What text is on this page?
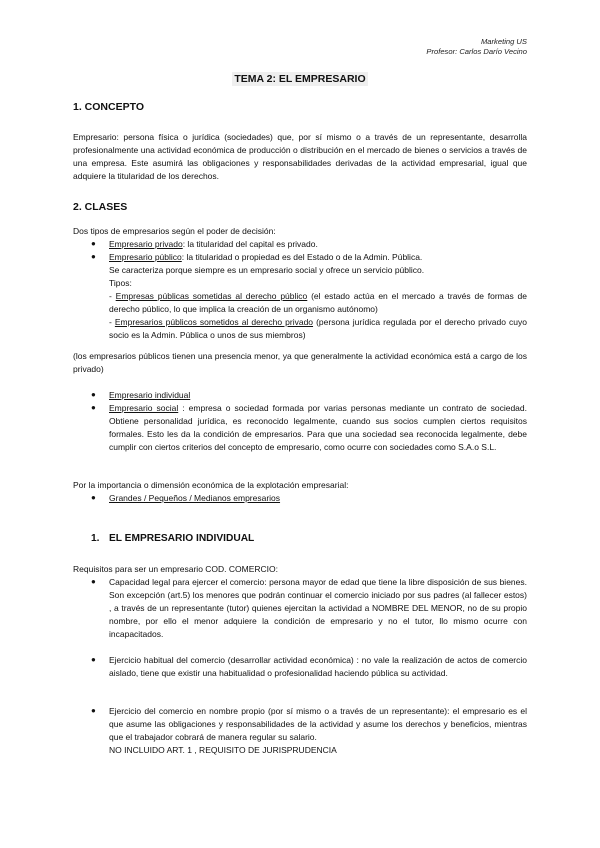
Marketing US
Profesor: Carlos Darío Vecino
TEMA 2: EL EMPRESARIO
1. CONCEPTO
Empresario: persona física o jurídica (sociedades) que, por sí mismo o a través de un representante, desarrolla profesionalmente una actividad económica de producción o distribución en el mercado de bienes o servicios a través de una empresa. Este asumirá las obligaciones y responsabilidades derivadas de la actividad empresarial, igual que adquiere la titularidad de los derechos.
2. CLASES
Dos tipos de empresarios según el poder de decisión:
● Empresario privado: la titularidad del capital es privado.
● Empresario público: la titularidad o propiedad es del Estado o de la Admin. Pública.
Se caracteriza porque siempre es un empresario social y ofrece un servicio público.
Tipos:
- Empresas públicas sometidas al derecho público (el estado actúa en el mercado a través de formas de derecho público, lo que implica la creación de un organismo autónomo)
- Empresarios públicos sometidos al derecho privado (persona jurídica regulada por el derecho privado cuyo socio es la Admin. Pública o unos de sus miembros)
(los empresarios públicos tienen una presencia menor, ya que generalmente la actividad económica está a cargo de los privado)
● Empresario individual
● Empresario social : empresa o sociedad formada por varias personas mediante un contrato de sociedad. Obtiene personalidad jurídica, es reconocido legalmente, cuando sus socios cumplen ciertos requisitos formales. Esto les da la condición de empresarios. Para que una sociedad sea reconocida legalmente, debe cumplir con ciertos criterios del concepto de empresario, como ocurre con sociedades como S.A.o S.L.
Por la importancia o dimensión económica de la explotación empresarial:
● Grandes / Pequeños / Medianos empresarios
1. EL EMPRESARIO INDIVIDUAL
Requisitos para ser un empresario COD. COMERCIO:
● Capacidad legal para ejercer el comercio: persona mayor de edad que tiene la libre disposición de sus bienes. Son excepción (art.5) los menores que podrán continuar el comercio iniciado por sus padres (al fallecer estos) , a través de un representante (tutor) quienes ejercitan la actividad a NOMBRE DEL MENOR, no de su propio nombre, por ello el menor adquiere la condición de empresario y no el tutor, llo mismo ocurre con incapacitados.
● Ejercicio habitual del comercio (desarrollar actividad económica) : no vale la realización de actos de comercio aislado, tiene que existir una habitualidad o profesionalidad haciendo pública su actividad.
● Ejercicio del comercio en nombre propio (por sí mismo o a través de un representante): el empresario es el que asume las obligaciones y responsabilidades de la actividad y asume los derechos y beneficios, mientras que el trabajador cobrará de manera regular su salario.
NO INCLUIDO ART. 1 , REQUISITO DE JURISPRUDENCIA
